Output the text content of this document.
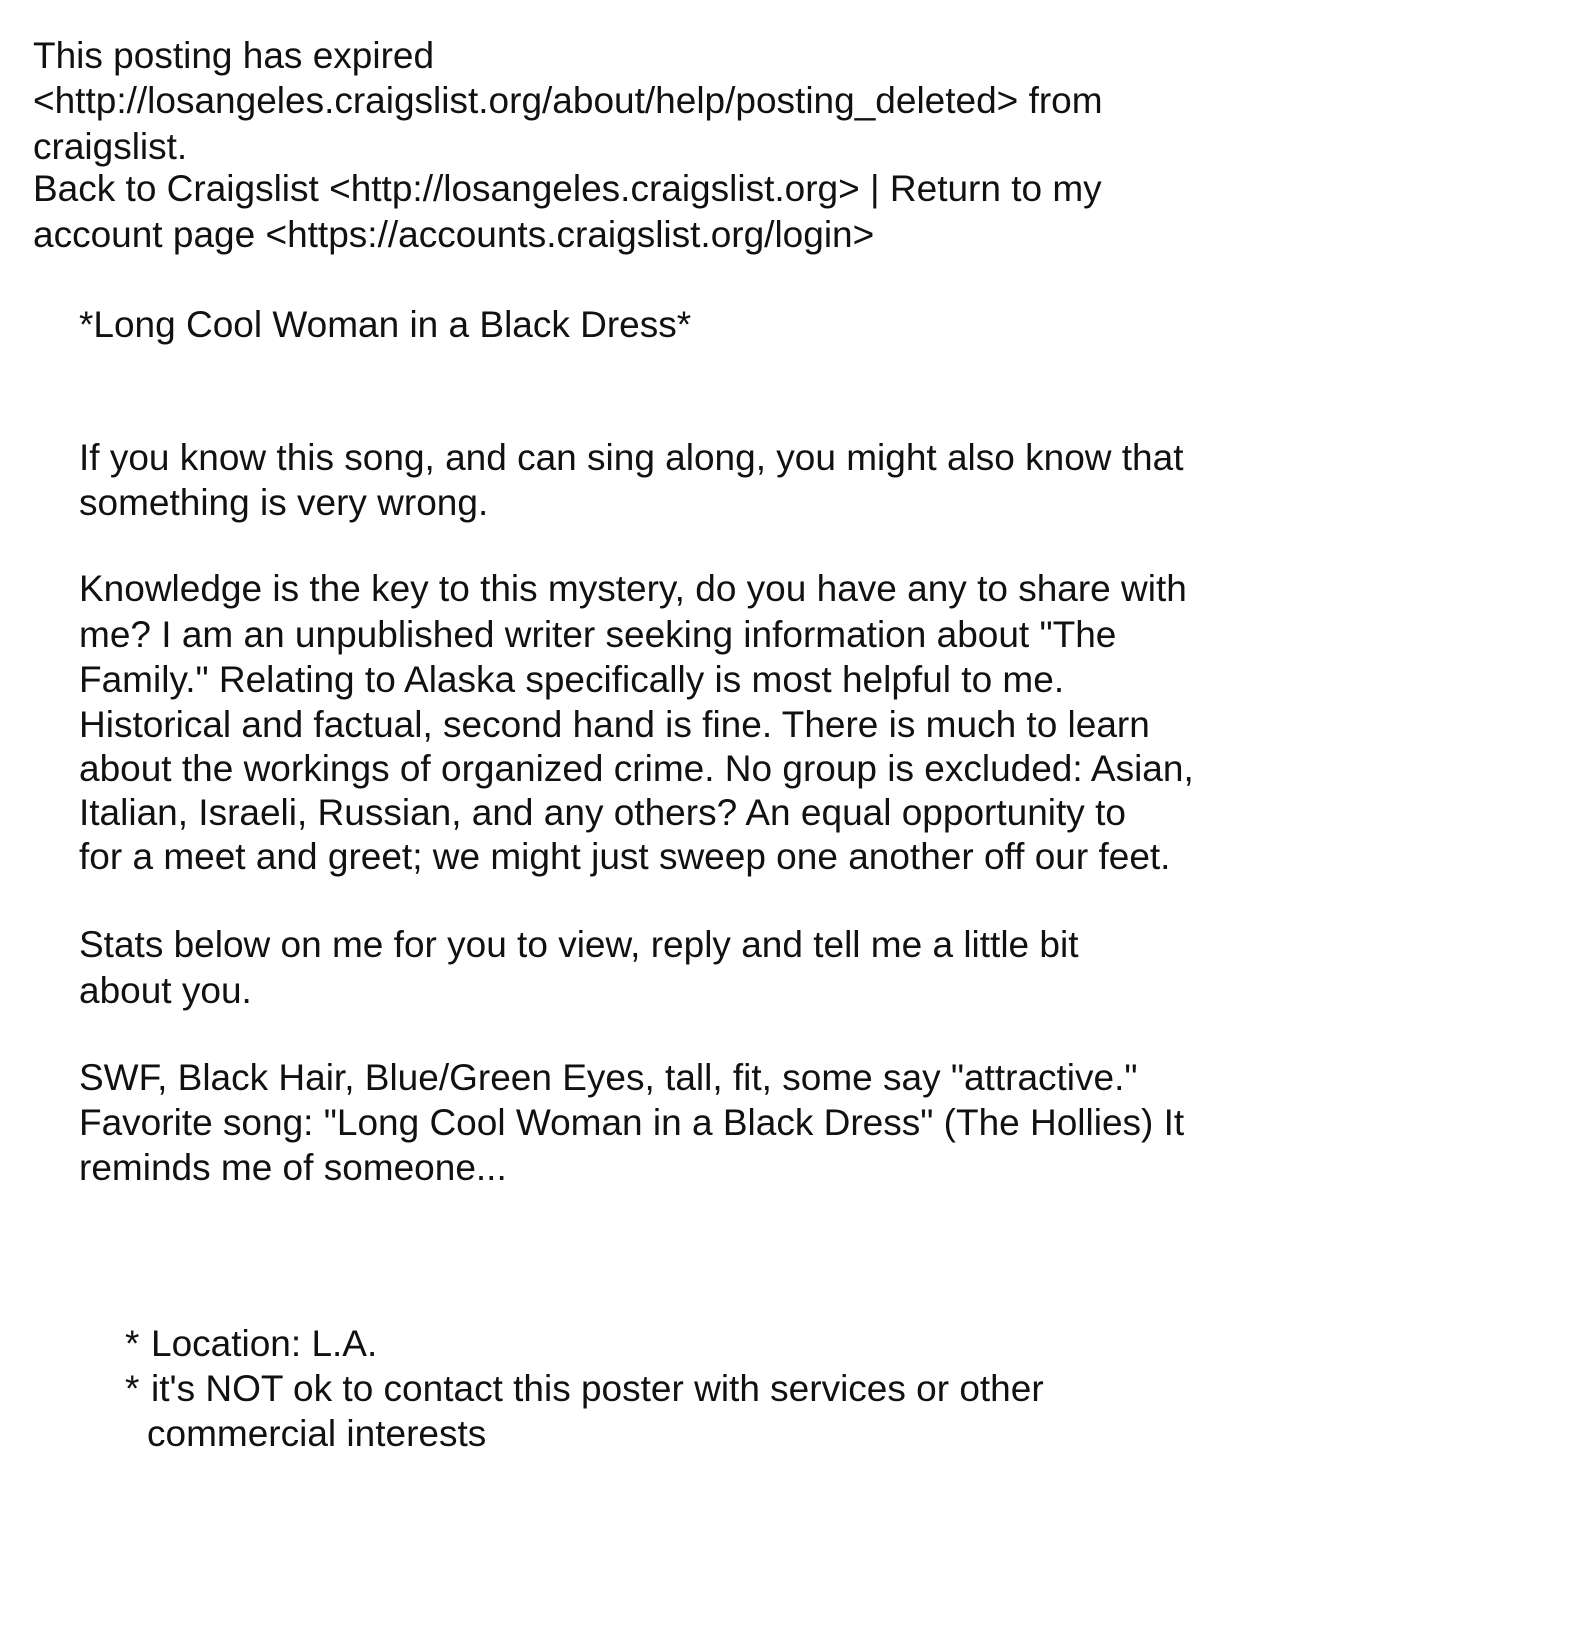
This posting has expired
<http://losangeles.craigslist.org/about/help/posting_deleted> from
craigslist.
Back to Craigslist <http://losangeles.craigslist.org> | Return to my
account page <https://accounts.craigslist.org/login>
*Long Cool Woman in a Black Dress*
If you know this song, and can sing along, you might also know that
something is very wrong.
Knowledge is the key to this mystery, do you have any to share with
me? I am an unpublished writer seeking information about "The
Family." Relating to Alaska specifically is most helpful to me.
Historical and factual, second hand is fine. There is much to learn
about the workings of organized crime. No group is excluded: Asian,
Italian, Israeli, Russian, and any others? An equal opportunity to
for a meet and greet; we might just sweep one another off our feet.
Stats below on me for you to view, reply and tell me a little bit
about you.
SWF, Black Hair, Blue/Green Eyes, tall, fit, some say "attractive."
Favorite song: "Long Cool Woman in a Black Dress" (The Hollies) It
reminds me of someone...
* Location: L.A.
* it's NOT ok to contact this poster with services or other
commercial interests
